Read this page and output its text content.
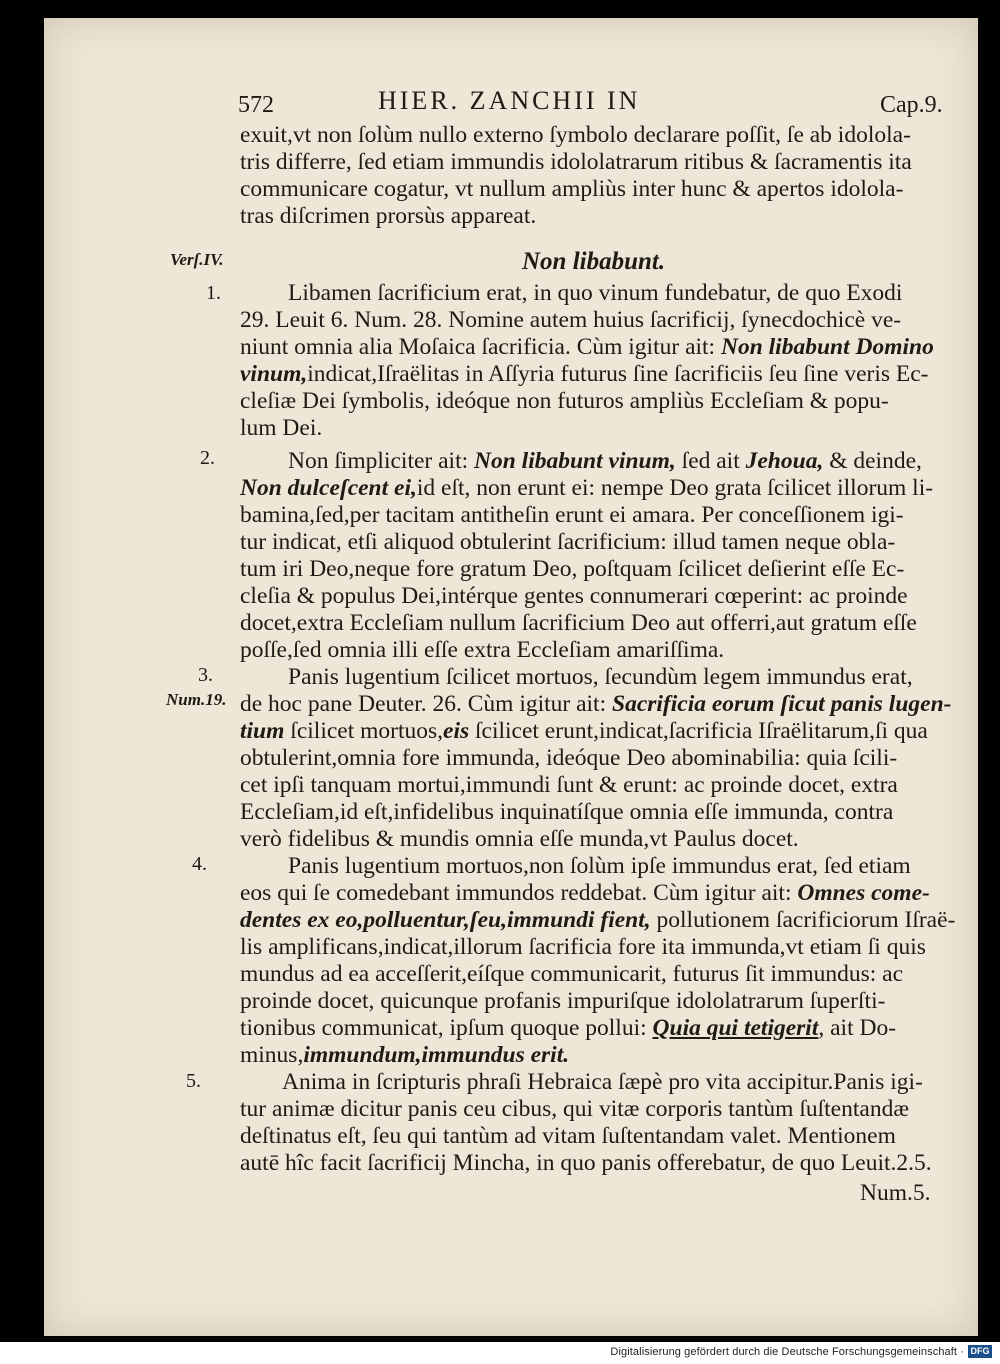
572	HIER. ZANCHII IN	Cap.9.
exuit,vt non ſolùm nullo externo ſymbolo declarare poſſit, ſe ab idolola-
tris differre, ſed etiam immundis idololatrarum ritibus & ſacramentis ita
communicare cogatur, vt nullum ampliùs inter hunc & apertos idolola-
tras diſcrimen prorsùs appareat.
Verſ.IV.	Non libabunt.
1.	Libamen ſacrificium erat, in quo vinum fundebatur, de quo Exodi
29. Leuit 6. Num. 28. Nomine autem huius ſacrificij, ſynecdochicè ve-
niunt omnia alia Moſaica ſacrificia. Cùm igitur ait: Non libabunt Domino
vinum,indicat,Iſraëlitas in Aſſyria futurus ſine ſacrificiis ſeu ſine veris Ec-
cleſiæ Dei ſymbolis, ideóque non futuros ampliùs Eccleſiam & popu-
lum Dei.
2.	Non ſimpliciter ait: Non libabunt vinum, ſed ait Jehoua, & deinde,
Non dulceſcent ei,id eſt, non erunt ei: nempe Deo grata ſcilicet illorum li-
bamina,ſed,per tacitam antitheſin erunt ei amara. Per conceſſionem igi-
tur indicat, etſi aliquod obtulerint ſacrificium: illud tamen neque obla-
tum iri Deo,neque fore gratum Deo, poſtquam ſcilicet deſierint eſſe Ec-
cleſia & populus Dei,intérque gentes connumerari cœperint: ac proinde
docet,extra Eccleſiam nullum ſacrificium Deo aut offerri,aut gratum eſſe
poſſe,ſed omnia illi eſſe extra Eccleſiam amariſſima.
3.
Num.19.
Panis lugentium ſcilicet mortuos, ſecundùm legem immundus erat,
de hoc pane Deuter. 26. Cùm igitur ait: Sacrificia eorum ſicut panis lugen-
tium ſcilicet mortuos,eis ſcilicet erunt,indicat,ſacrificia Iſraëlitarum,ſi qua
obtulerint,omnia fore immunda, ideóque Deo abominabilia: quia ſcili-
cet ipſi tanquam mortui,immundi ſunt & erunt: ac proinde docet, extra
Eccleſiam,id eſt,infidelibus inquinatíſque omnia eſſe immunda, contra
verò fidelibus & mundis omnia eſſe munda,vt Paulus docet.
4.	Panis lugentium mortuos,non ſolùm ipſe immundus erat, ſed etiam
eos qui ſe comedebant immundos reddebat. Cùm igitur ait: Omnes come-
dentes ex eo,polluentur,ſeu,immundi fient, pollutionem ſacrificiorum Iſraë-
lis amplificans,indicat,illorum ſacrificia fore ita immunda,vt etiam ſi quis
mundus ad ea acceſſerit,eíſque communicarit, futurus ſit immundus: ac
proinde docet, quicunque profanis impuriſque idololatrarum ſuperſti-
tionibus communicat, ipſum quoque pollui: Quia qui tetigerit, ait Do-
minus,immundum,immundus erit.
5.	Anima in ſcripturis phraſi Hebraica ſæpè pro vita accipitur.Panis igi-
tur animæ dicitur panis ceu cibus, qui vitæ corporis tantùm ſuſtentandæ
deſtinatus eſt, ſeu qui tantùm ad vitam ſuſtentandam valet. Mentionem
autē hîc facit ſacrificij Mincha, in quo panis offerebatur, de quo Leuit.2.5.
Num.5.
Digitalisierung gefördert durch die Deutsche Forschungsgemeinschaft · DFG
